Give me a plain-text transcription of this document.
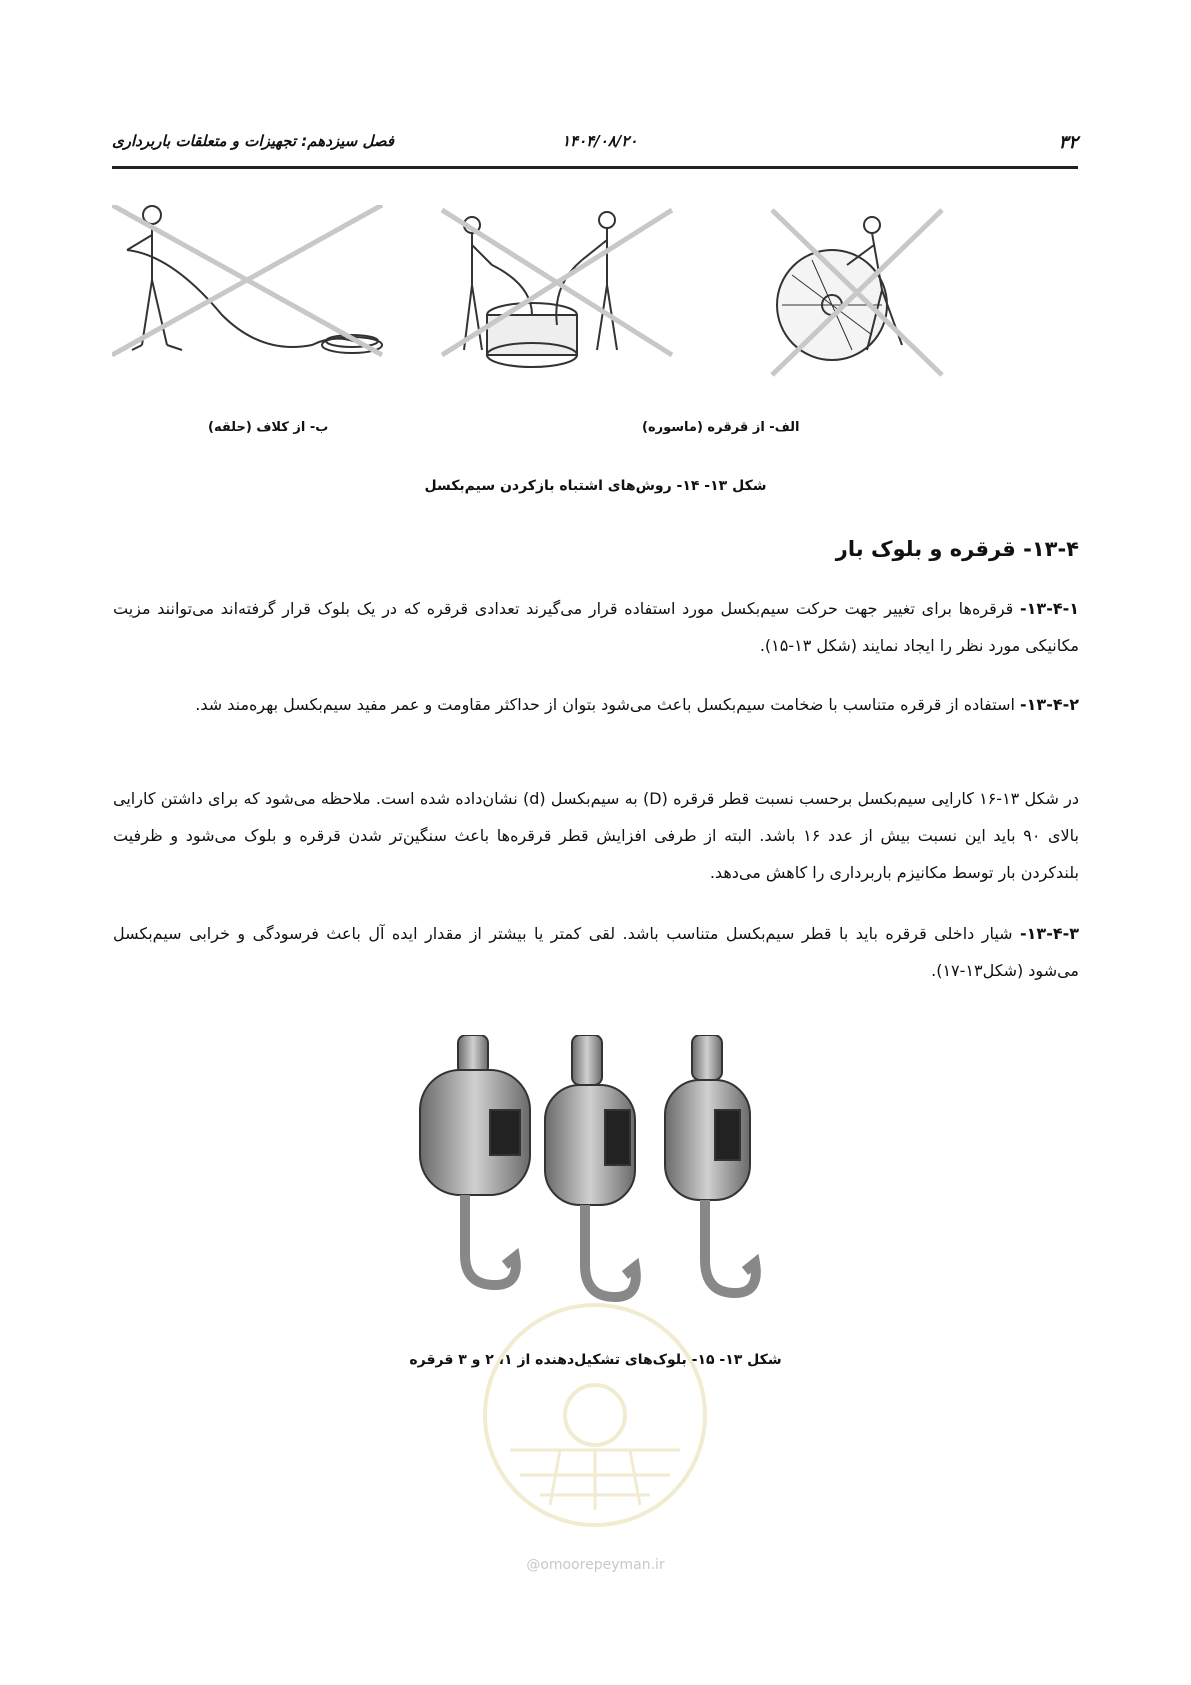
۳۲
۱۴۰۴/۰۸/۲۰
فصل سیزدهم: تجهیزات و متعلقات باربرداری
ب- از کلاف (حلقه)	الف- از قرقره (ماسوره)
شکل ۱۳- ۱۴- روش‌های اشتباه بازکردن سیم‌بکسل
۱۳-۴- قرقره و بلوک بار

۱۳-۴-۱- قرقره‌ها برای تغییر جهت حرکت سیم‌بکسل مورد استفاده قرار می‌گیرند تعدادی قرقره که در یک بلوک قرار گرفته‌اند می‌توانند مزیت مکانیکی مورد نظر را ایجاد نمایند (شکل ۱۳-۱۵).

۱۳-۴-۲- استفاده از قرقره متناسب با ضخامت سیم‌بکسل باعث می‌شود بتوان از حداکثر مقاومت و عمر مفید سیم‌بکسل بهره‌مند شد.

در شکل ۱۳-۱۶ کارایی سیم‌بکسل برحسب نسبت قطر قرقره (D) به سیم‌بکسل (d) نشان‌داده شده است. ملاحظه می‌شود که برای داشتن کارایی بالای ۹۰ باید این نسبت بیش از عدد ۱۶ باشد. البته از طرفی افزایش قطر قرقره‌ها باعث سنگین‌تر شدن قرقره و بلوک می‌شود و ظرفیت بلندکردن بار توسط مکانیزم باربرداری را کاهش می‌دهد.

۱۳-۴-۳- شیار داخلی قرقره باید با قطر سیم‌بکسل متناسب باشد. لقی کمتر یا بیشتر از مقدار ایده آل باعث فرسودگی و خرابی سیم‌بکسل می‌شود (شکل۱۳-۱۷).

شکل ۱۳- ۱۵- بلوک‌های تشکیل‌دهنده از ۱، ۲ و ۳ قرقره
@omoorepeyman.ir
